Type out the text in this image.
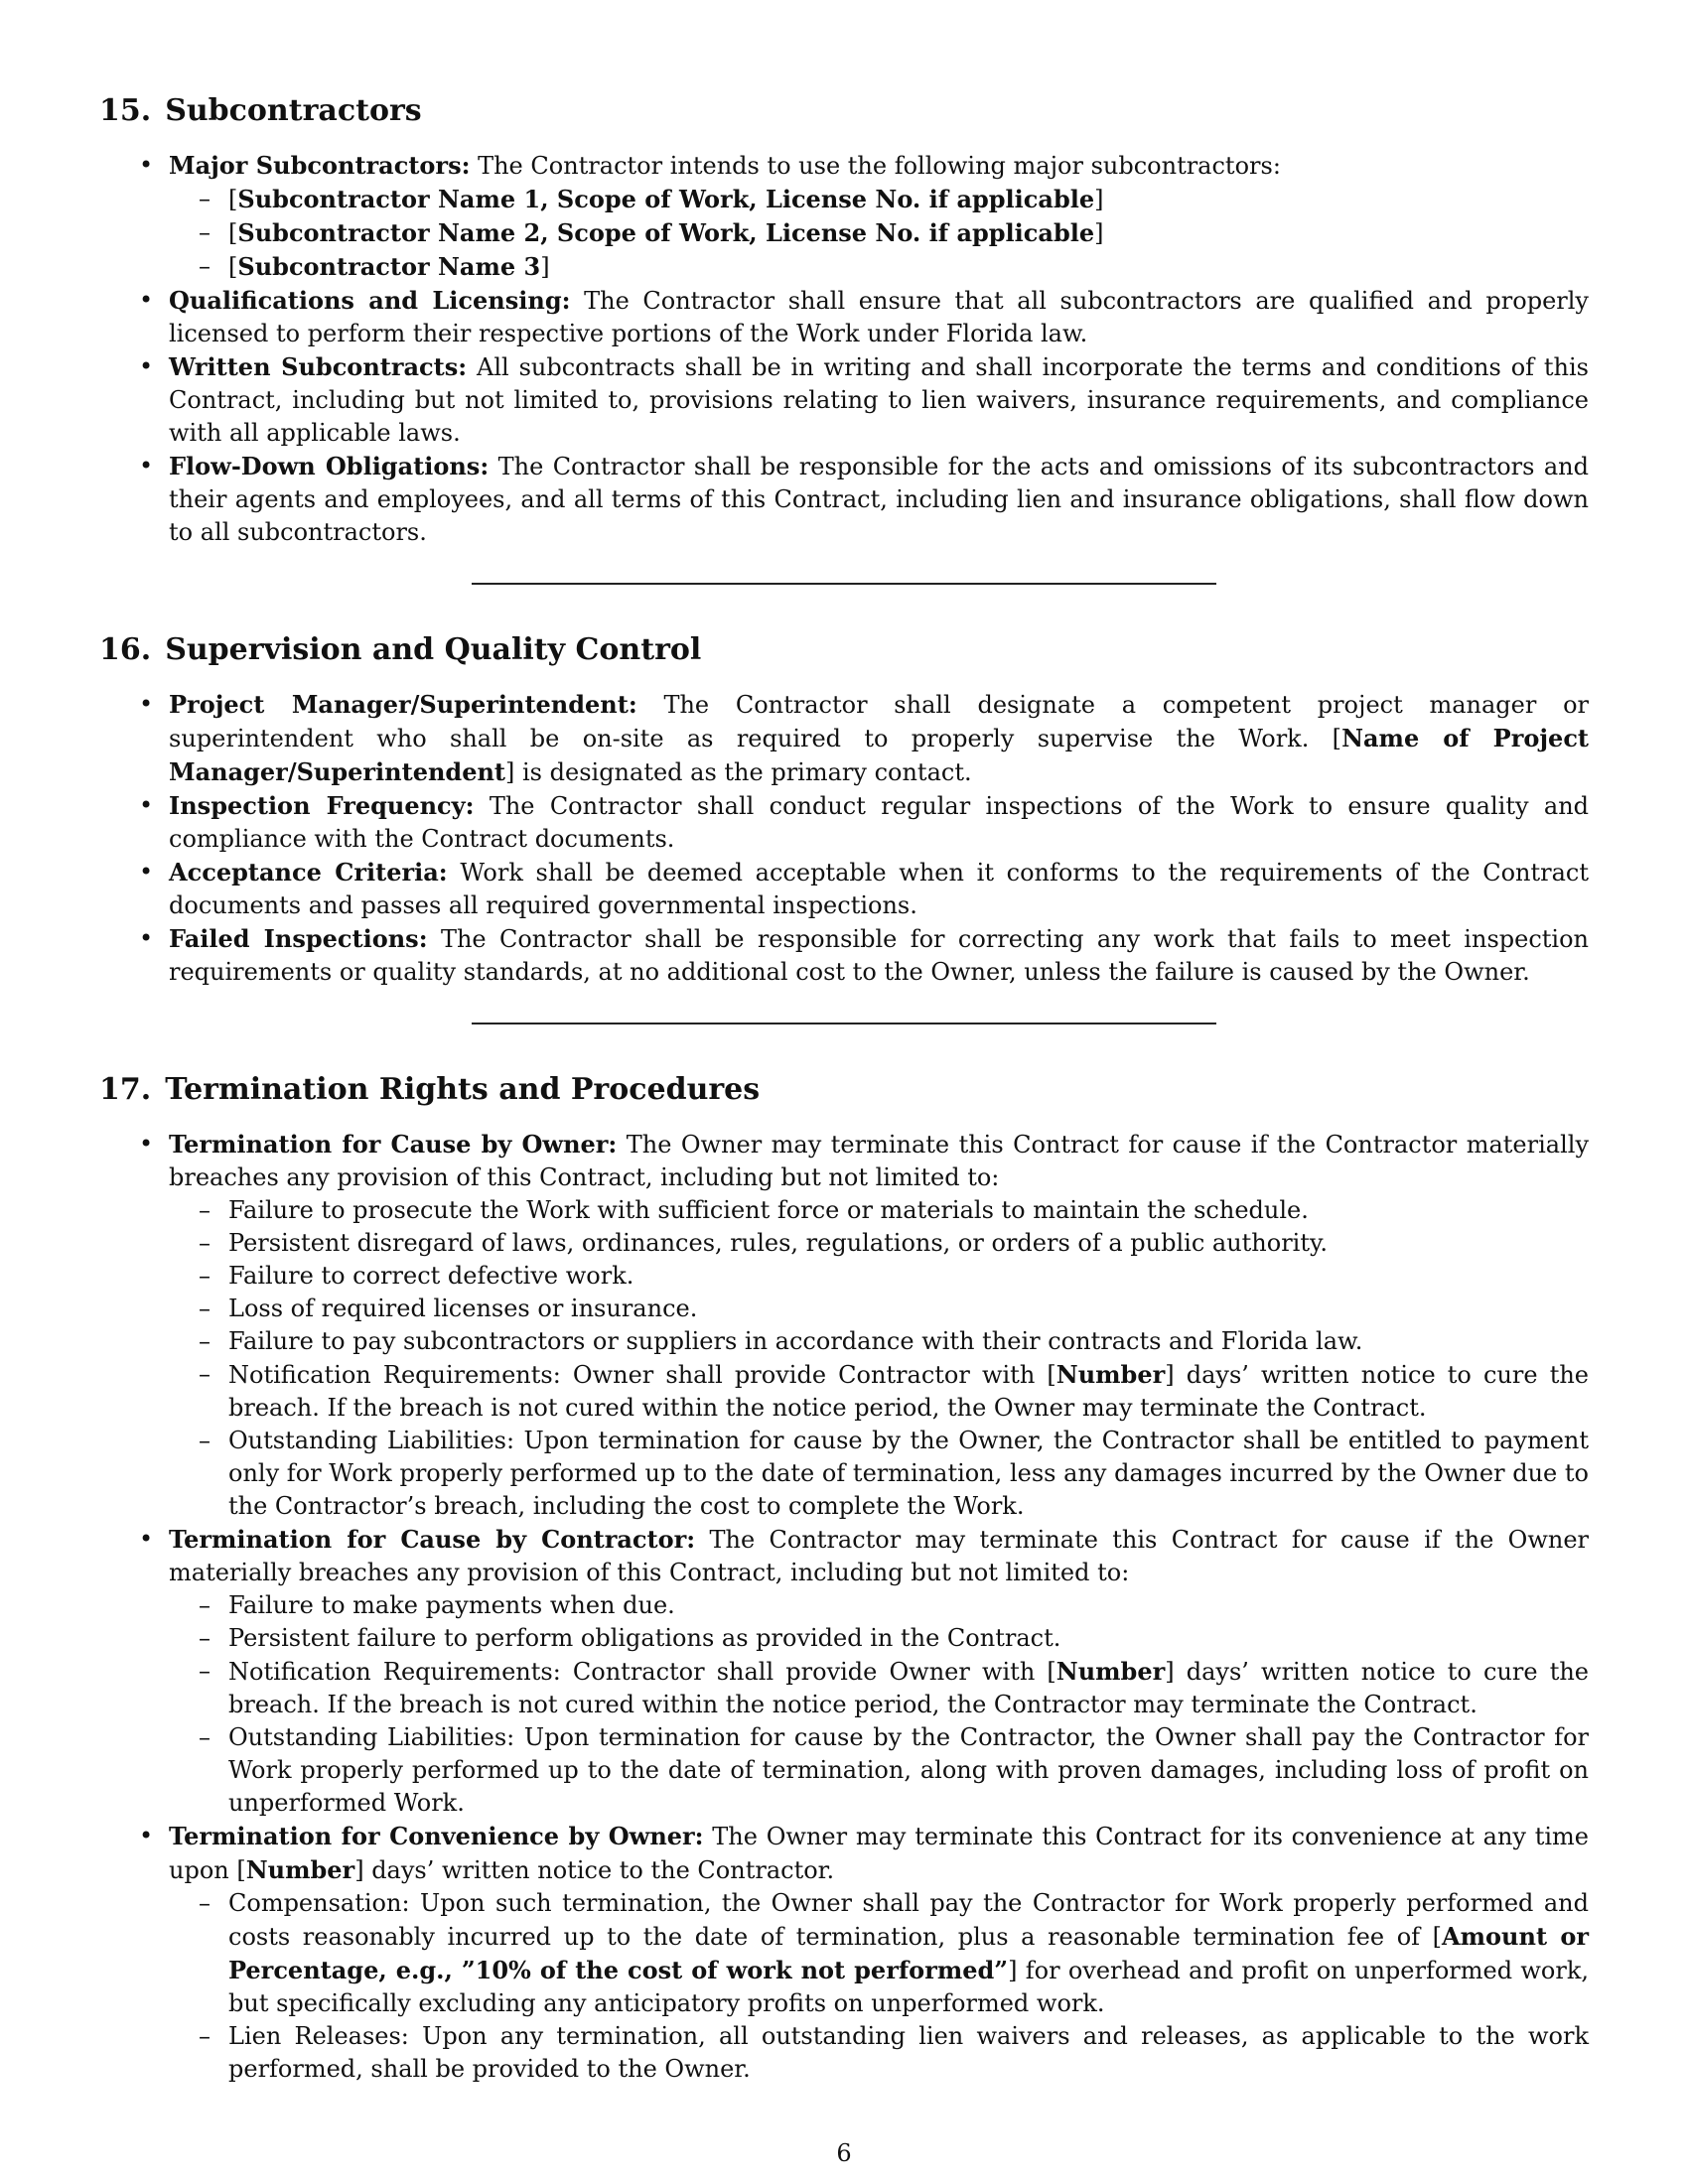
15. Subcontractors
• Major Subcontractors: The Contractor intends to use the following major subcontractors:
– [Subcontractor Name 1, Scope of Work, License No. if applicable]
– [Subcontractor Name 2, Scope of Work, License No. if applicable]
– [Subcontractor Name 3]
• Qualifications and Licensing: The Contractor shall ensure that all subcontractors are qualified and properly licensed to perform their respective portions of the Work under Florida law.
• Written Subcontracts: All subcontracts shall be in writing and shall incorporate the terms and conditions of this Contract, including but not limited to, provisions relating to lien waivers, insurance requirements, and compliance with all applicable laws.
• Flow-Down Obligations: The Contractor shall be responsible for the acts and omissions of its subcontractors and their agents and employees, and all terms of this Contract, including lien and insurance obligations, shall flow down to all subcontractors.
16. Supervision and Quality Control
• Project Manager/Superintendent: The Contractor shall designate a competent project manager or superintendent who shall be on-site as required to properly supervise the Work. [Name of Project Manager/Superintendent] is designated as the primary contact.
• Inspection Frequency: The Contractor shall conduct regular inspections of the Work to ensure quality and compliance with the Contract documents.
• Acceptance Criteria: Work shall be deemed acceptable when it conforms to the requirements of the Contract documents and passes all required governmental inspections.
• Failed Inspections: The Contractor shall be responsible for correcting any work that fails to meet inspection requirements or quality standards, at no additional cost to the Owner, unless the failure is caused by the Owner.
17. Termination Rights and Procedures
• Termination for Cause by Owner: The Owner may terminate this Contract for cause if the Contractor materially breaches any provision of this Contract, including but not limited to:
– Failure to prosecute the Work with sufficient force or materials to maintain the schedule.
– Persistent disregard of laws, ordinances, rules, regulations, or orders of a public authority.
– Failure to correct defective work.
– Loss of required licenses or insurance.
– Failure to pay subcontractors or suppliers in accordance with their contracts and Florida law.
– Notification Requirements: Owner shall provide Contractor with [Number] days’ written notice to cure the breach. If the breach is not cured within the notice period, the Owner may terminate the Contract.
– Outstanding Liabilities: Upon termination for cause by the Owner, the Contractor shall be entitled to payment only for Work properly performed up to the date of termination, less any damages incurred by the Owner due to the Contractor’s breach, including the cost to complete the Work.
• Termination for Cause by Contractor: The Contractor may terminate this Contract for cause if the Owner materially breaches any provision of this Contract, including but not limited to:
– Failure to make payments when due.
– Persistent failure to perform obligations as provided in the Contract.
– Notification Requirements: Contractor shall provide Owner with [Number] days’ written notice to cure the breach. If the breach is not cured within the notice period, the Contractor may terminate the Contract.
– Outstanding Liabilities: Upon termination for cause by the Contractor, the Owner shall pay the Contractor for Work properly performed up to the date of termination, along with proven damages, including loss of profit on unperformed Work.
• Termination for Convenience by Owner: The Owner may terminate this Contract for its convenience at any time upon [Number] days’ written notice to the Contractor.
– Compensation: Upon such termination, the Owner shall pay the Contractor for Work properly performed and costs reasonably incurred up to the date of termination, plus a reasonable termination fee of [Amount or Percentage, e.g., ”10% of the cost of work not performed”] for overhead and profit on unperformed work, but specifically excluding any anticipatory profits on unperformed work.
– Lien Releases: Upon any termination, all outstanding lien waivers and releases, as applicable to the work performed, shall be provided to the Owner.
6
